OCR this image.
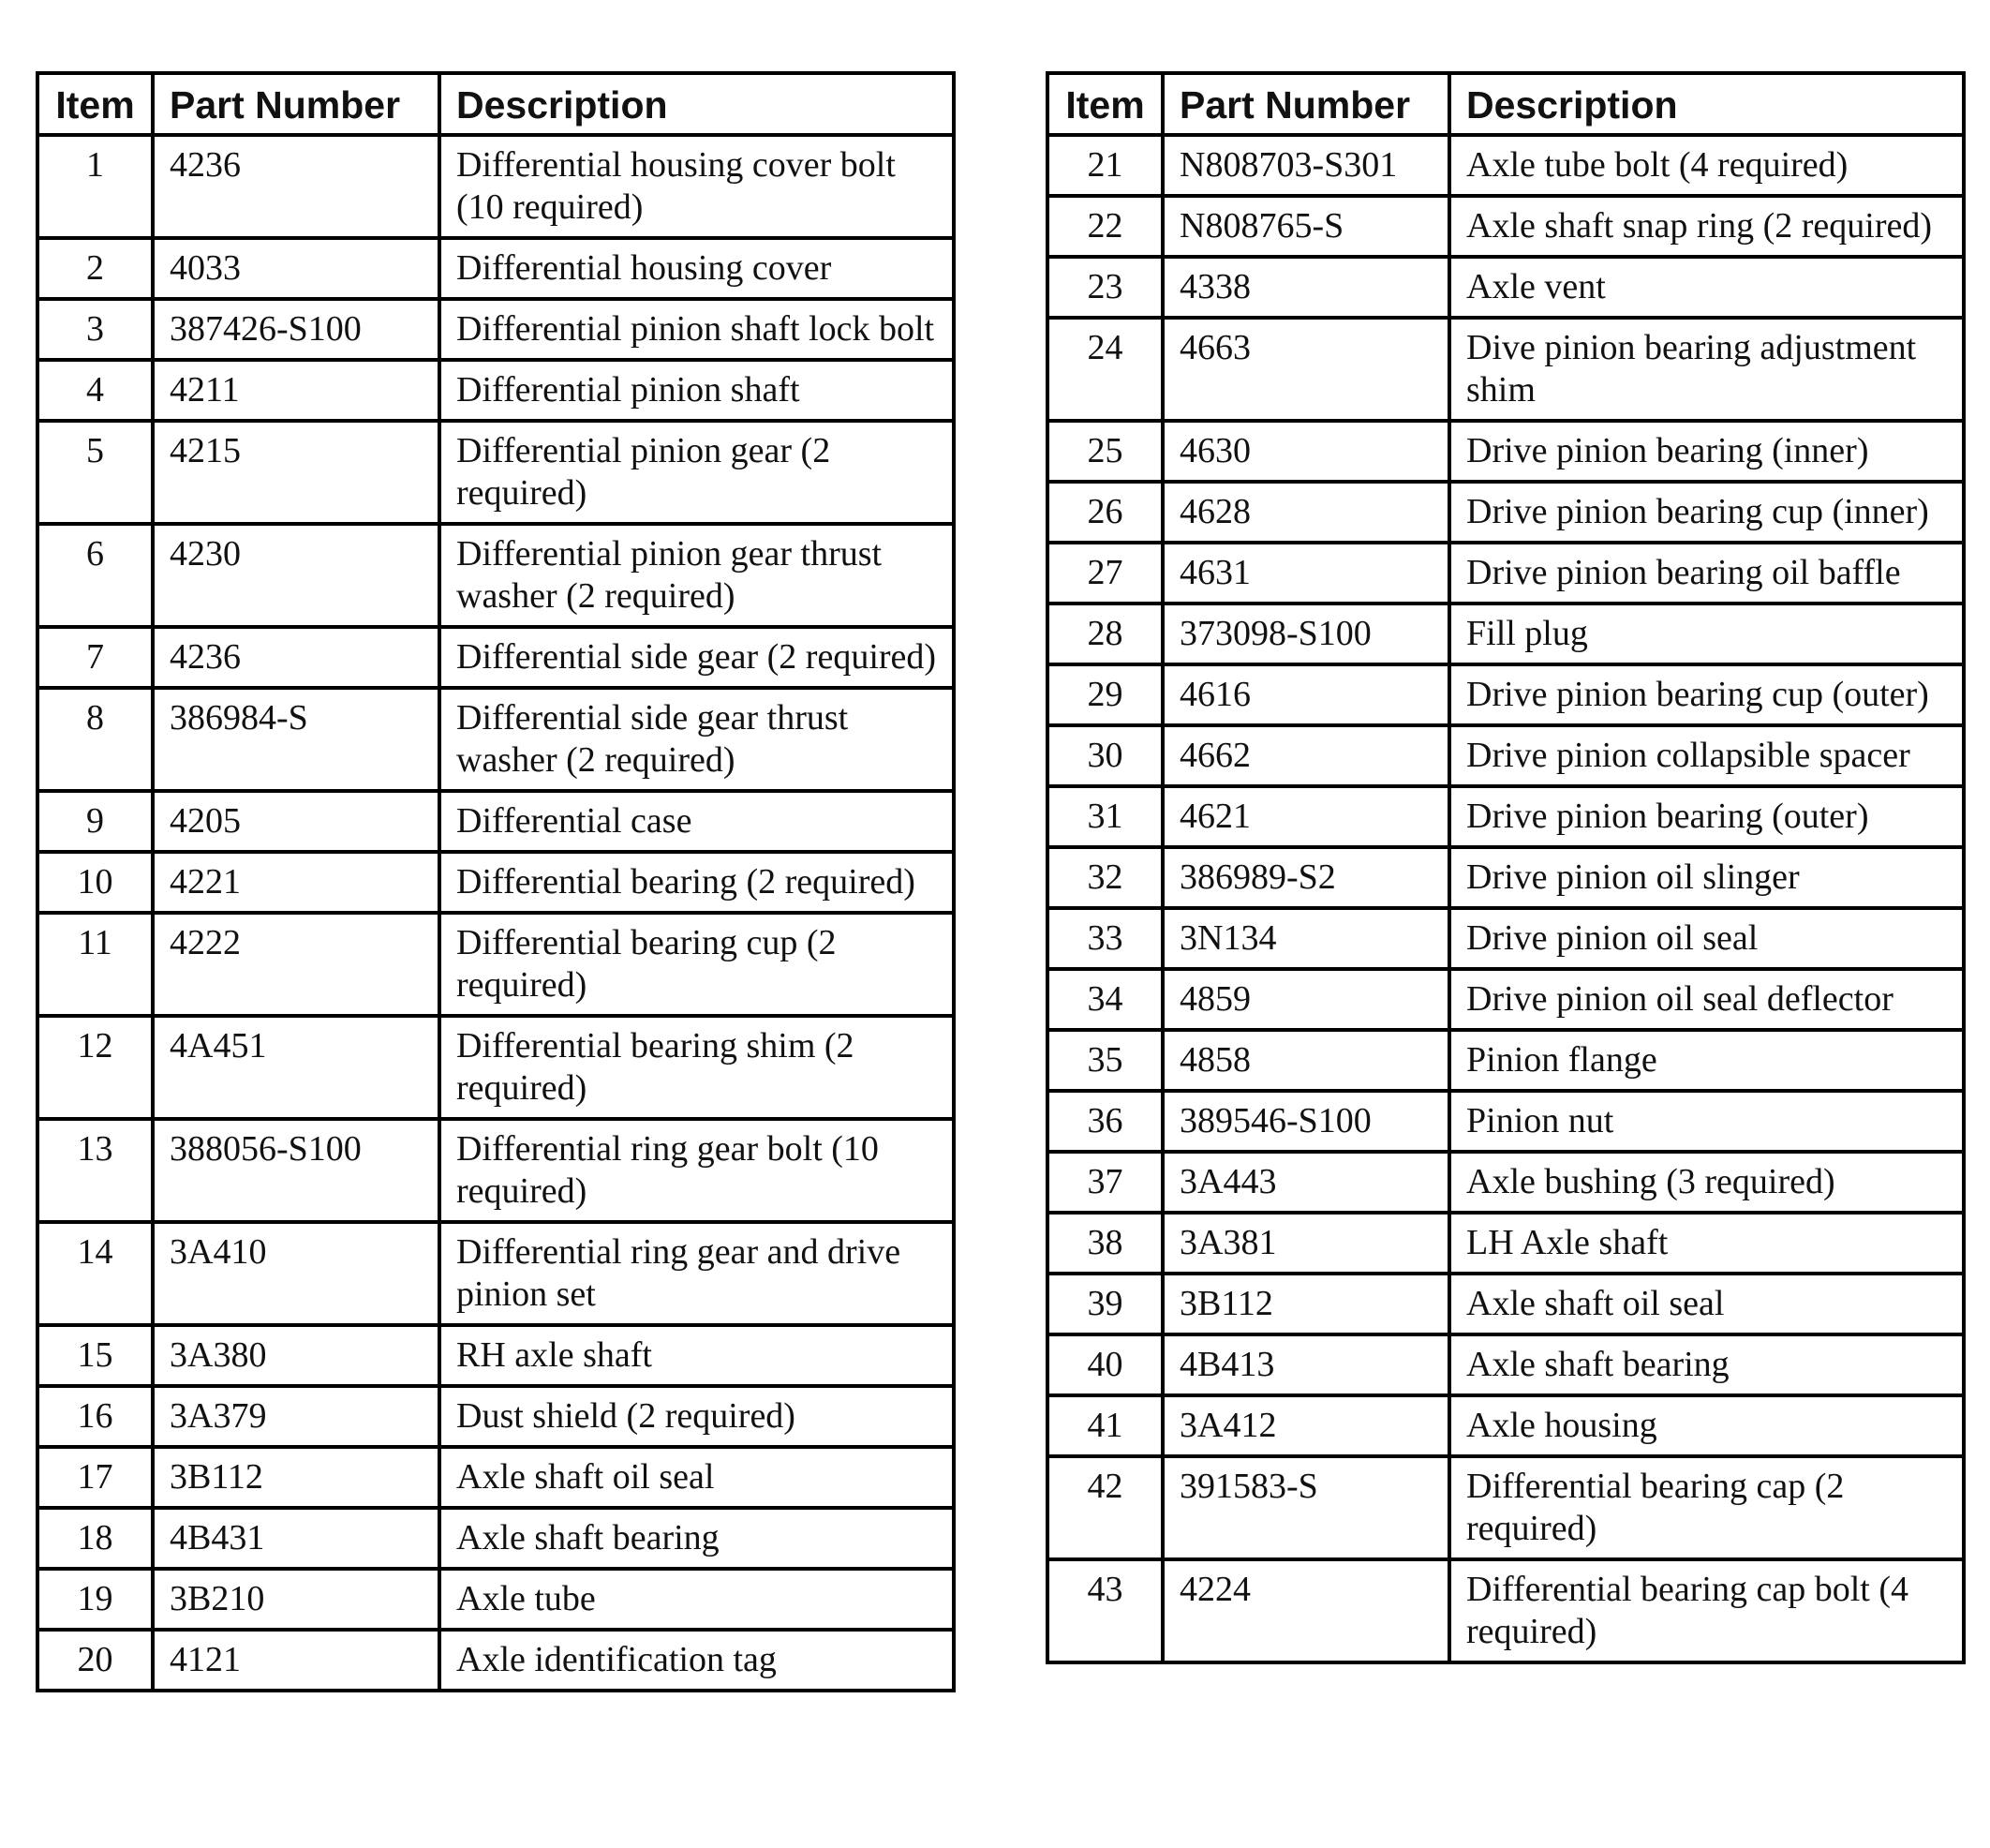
Item	Part Number	Description
1	4236	Differential housing cover bolt (10 required)
2	4033	Differential housing cover
3	387426-S100	Differential pinion shaft lock bolt
4	4211	Differential pinion shaft
5	4215	Differential pinion gear (2 required)
6	4230	Differential pinion gear thrust washer (2 required)
7	4236	Differential side gear (2 required)
8	386984-S	Differential side gear thrust washer (2 required)
9	4205	Differential case
10	4221	Differential bearing (2 required)
11	4222	Differential bearing cup (2 required)
12	4A451	Differential bearing shim (2 required)
13	388056-S100	Differential ring gear bolt (10 required)
14	3A410	Differential ring gear and drive pinion set
15	3A380	RH axle shaft
16	3A379	Dust shield (2 required)
17	3B112	Axle shaft oil seal
18	4B431	Axle shaft bearing
19	3B210	Axle tube
20	4121	Axle identification tag
Item	Part Number	Description
21	N808703-S301	Axle tube bolt (4 required)
22	N808765-S	Axle shaft snap ring (2 required)
23	4338	Axle vent
24	4663	Dive pinion bearing adjustment shim
25	4630	Drive pinion bearing (inner)
26	4628	Drive pinion bearing cup (inner)
27	4631	Drive pinion bearing oil baffle
28	373098-S100	Fill plug
29	4616	Drive pinion bearing cup (outer)
30	4662	Drive pinion collapsible spacer
31	4621	Drive pinion bearing (outer)
32	386989-S2	Drive pinion oil slinger
33	3N134	Drive pinion oil seal
34	4859	Drive pinion oil seal deflector
35	4858	Pinion flange
36	389546-S100	Pinion nut
37	3A443	Axle bushing (3 required)
38	3A381	LH Axle shaft
39	3B112	Axle shaft oil seal
40	4B413	Axle shaft bearing
41	3A412	Axle housing
42	391583-S	Differential bearing cap (2 required)
43	4224	Differential bearing cap bolt (4 required)
